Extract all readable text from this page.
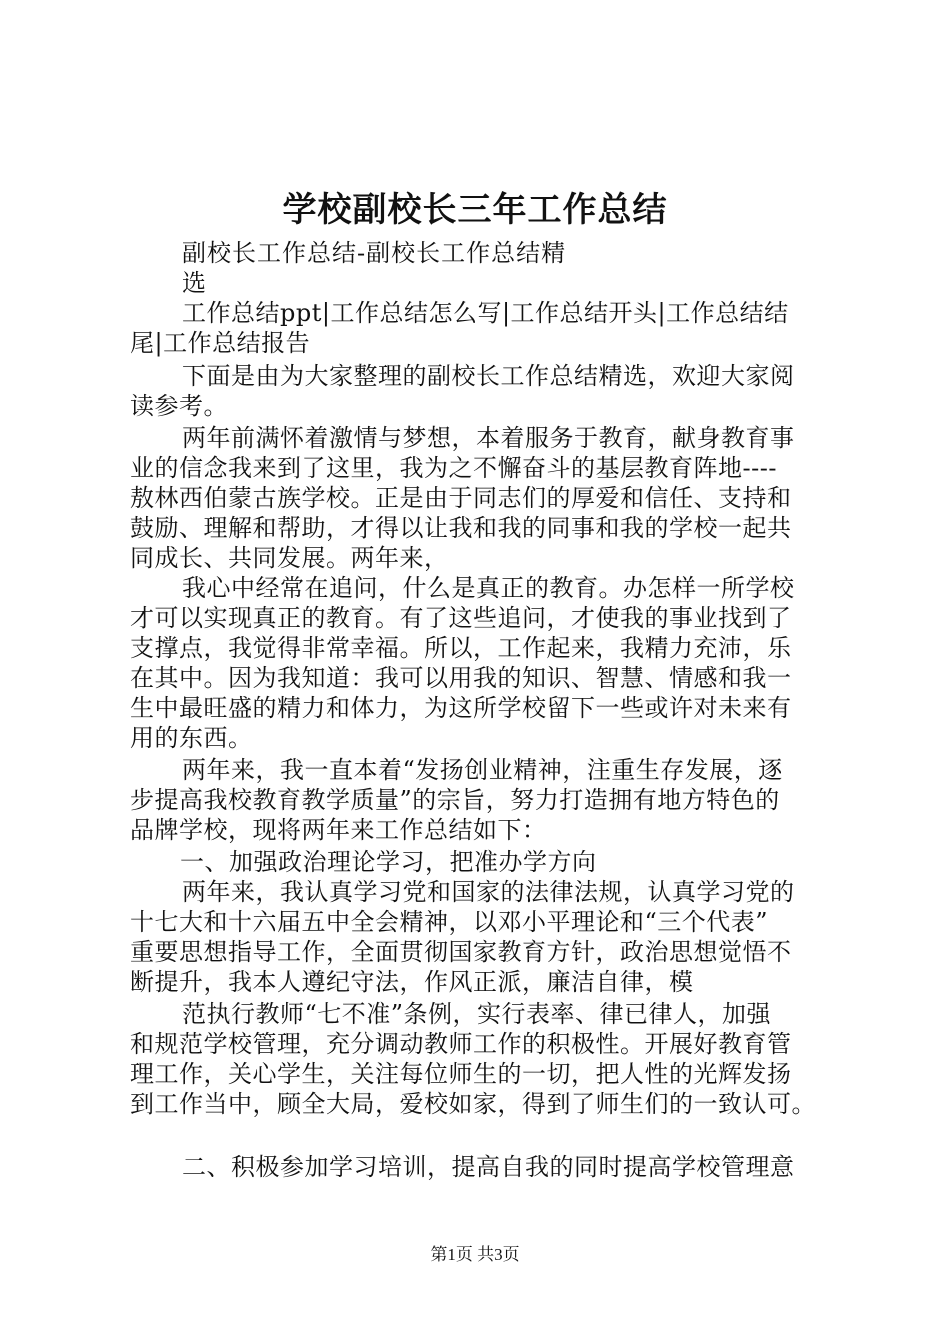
学校副校长三年工作总结
副校长工作总结-副校长工作总结精
选
工作总结ppt|工作总结怎么写|工作总结开头|工作总结结
尾|工作总结报告
下面是由为大家整理的副校长工作总结精选，欢迎大家阅
读参考。
两年前满怀着激情与梦想，本着服务于教育，献身教育事
业的信念我来到了这里，我为之不懈奋斗的基层教育阵地----
敖林西伯蒙古族学校。正是由于同志们的厚爱和信任、支持和
鼓励、理解和帮助，才得以让我和我的同事和我的学校一起共
同成长、共同发展。两年来，
我心中经常在追问，什么是真正的教育。办怎样一所学校
才可以实现真正的教育。有了这些追问，才使我的事业找到了
支撑点，我觉得非常幸福。所以，工作起来，我精力充沛，乐
在其中。因为我知道：我可以用我的知识、智慧、情感和我一
生中最旺盛的精力和体力，为这所学校留下一些或许对未来有
用的东西。
两年来，我一直本着“发扬创业精神，注重生存发展，逐
步提高我校教育教学质量”的宗旨，努力打造拥有地方特色的
品牌学校，现将两年来工作总结如下：
一、加强政治理论学习，把准办学方向
两年来，我认真学习党和国家的法律法规，认真学习党的
十七大和十六届五中全会精神，以邓小平理论和“三个代表”
重要思想指导工作，全面贯彻国家教育方针，政治思想觉悟不
断提升，我本人遵纪守法，作风正派，廉洁自律，模
范执行教师“七不准”条例，实行表率、律已律人，加强
和规范学校管理，充分调动教师工作的积极性。开展好教育管
理工作，关心学生，关注每位师生的一切，把人性的光辉发扬
到工作当中，顾全大局，爱校如家，得到了师生们的一致认可。
二、积极参加学习培训，提高自我的同时提高学校管理意
第1页 共3页
